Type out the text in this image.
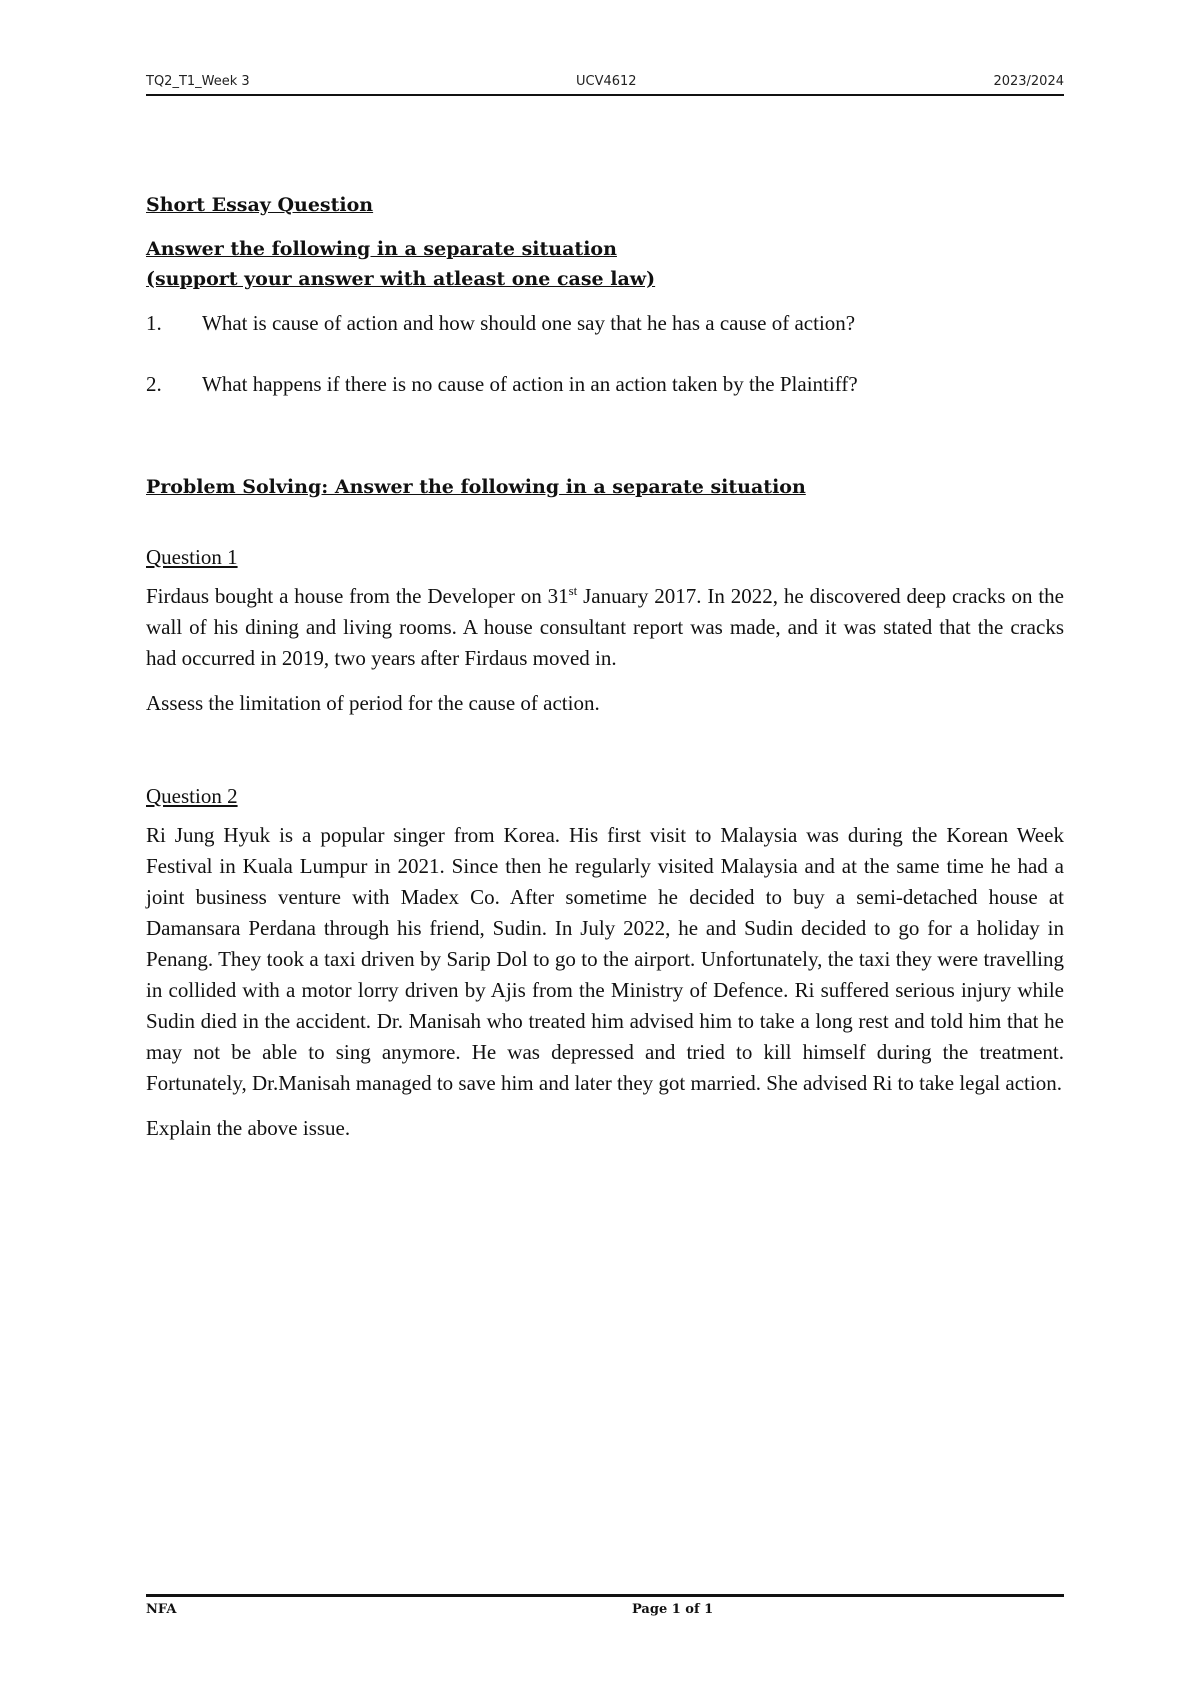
TQ2_T1_Week 3	UCV4612	2023/2024
Short Essay Question
Answer the following in a separate situation
(support your answer with atleast one case law)
1.	What is cause of action and how should one say that he has a cause of action?
2.	What happens if there is no cause of action in an action taken by the Plaintiff?
Problem Solving: Answer the following in a separate situation
Question 1

Firdaus bought a house from the Developer on 31st January 2017. In 2022, he discovered deep cracks on the wall of his dining and living rooms. A house consultant report was made, and it was stated that the cracks had occurred in 2019, two years after Firdaus moved in.

Assess the limitation of period for the cause of action.

Question 2

Ri Jung Hyuk is a popular singer from Korea. His first visit to Malaysia was during the Korean Week Festival in Kuala Lumpur in 2021. Since then he regularly visited Malaysia and at the same time he had a joint business venture with Madex Co. After sometime he decided to buy a semi-detached house at Damansara Perdana through his friend, Sudin. In July 2022, he and Sudin decided to go for a holiday in Penang. They took a taxi driven by Sarip Dol to go to the airport. Unfortunately, the taxi they were travelling in collided with a motor lorry driven by Ajis from the Ministry of Defence. Ri suffered serious injury while Sudin died in the accident. Dr. Manisah who treated him advised him to take a long rest and told him that he may not be able to sing anymore. He was depressed and tried to kill himself during the treatment. Fortunately, Dr.Manisah managed to save him and later they got married. She advised Ri to take legal action.

Explain the above issue.

NFA	Page 1 of 1
